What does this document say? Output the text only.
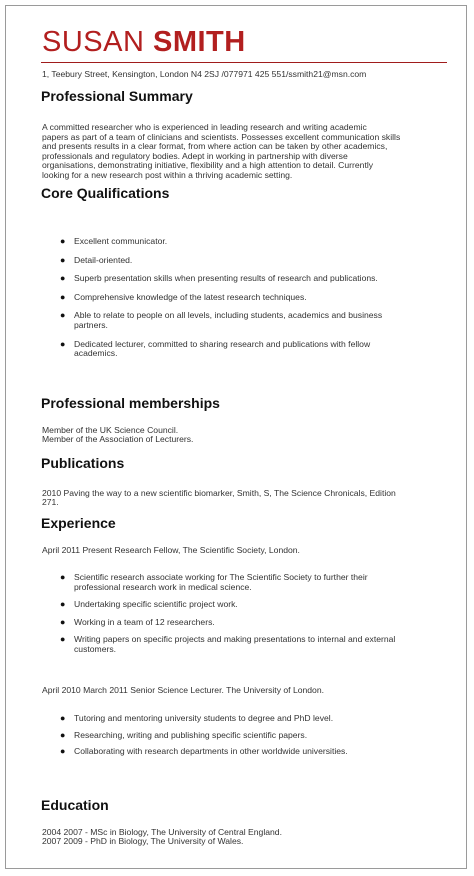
SUSAN SMITH
1, Teebury Street, Kensington, London N4 2SJ /077971 425 551/ssmith21@msn.com
Professional Summary
A committed researcher who is experienced in leading research and writing academic
papers as part of a team of clinicians and scientists. Possesses excellent communication skills
and presents results in a clear format, from where action can be taken by other academics,
professionals and regulatory bodies. Adept in working in partnership with diverse
organisations, demonstrating initiative, flexibility and a high attention to detail. Currently
looking for a new research post within a thriving academic setting.
Core Qualifications
● Excellent communicator.
● Detail-oriented.
● Superb presentation skills when presenting results of research and publications.
● Comprehensive knowledge of the latest research techniques.
● Able to relate to people on all levels, including students, academics and business
partners.
● Dedicated lecturer, committed to sharing research and publications with fellow
academics.
Professional memberships
Member of the UK Science Council.
Member of the Association of Lecturers.
Publications
2010 Paving the way to a new scientific biomarker, Smith, S, The Science Chronicals, Edition
271.
Experience
April 2011 Present Research Fellow, The Scientific Society, London.
● Scientific research associate working for The Scientific Society to further their
professional research work in medical science.
● Undertaking specific scientific project work.
● Working in a team of 12 researchers.
● Writing papers on specific projects and making presentations to internal and external
customers.
April 2010 March 2011 Senior Science Lecturer. The University of London.
● Tutoring and mentoring university students to degree and PhD level.
● Researching, writing and publishing specific scientific papers.
● Collaborating with research departments in other worldwide universities.
Education
2004 2007 - MSc in Biology, The University of Central England.
2007 2009 - PhD in Biology, The University of Wales.
